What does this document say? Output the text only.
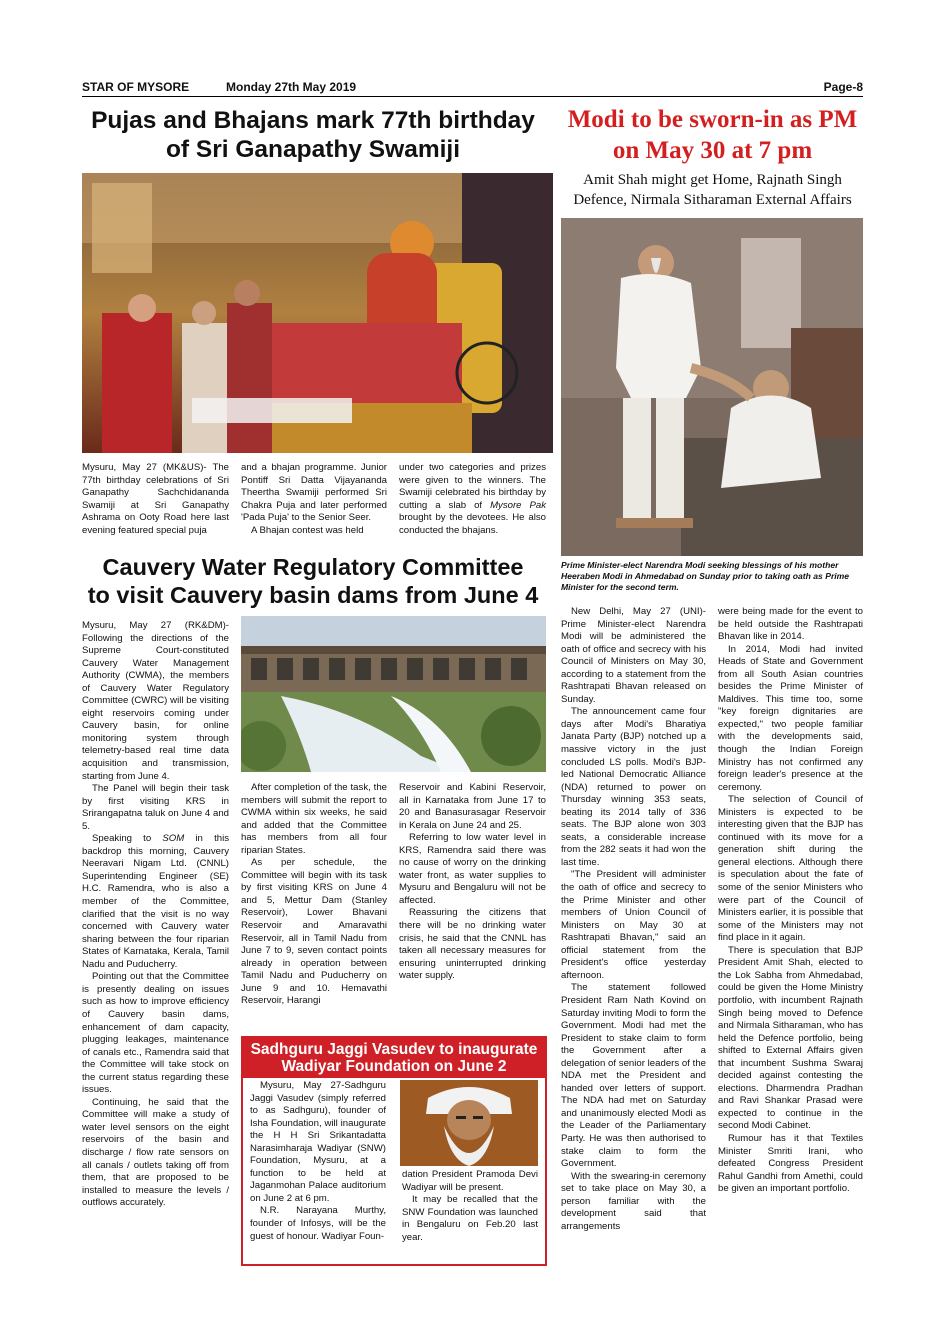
STAR OF MYSORE	Monday 27th May 2019	Page-8
Pujas and Bhajans mark 77th birthday
of Sri Ganapathy Swamiji

Mysuru, May 27 (MK&US)- The 77th birthday celebrations of Sri Ganapathy Sachchidananda Swamiji at Sri Ganapathy Ashrama on Ooty Road here last evening featured special puja

and a bhajan programme. Junior Pontiff Sri Datta Vijayananda Theertha Swamiji performed Sri Chakra Puja and later performed 'Pada Puja' to the Senior Seer.

A Bhajan contest was held

under two categories and prizes were given to the winners. The Swamiji celebrated his birthday by cutting a slab of Mysore Pak brought by the devotees. He also conducted the bhajans.

Cauvery Water Regulatory Committee
to visit Cauvery basin dams from June 4

Mysuru, May 27 (RK&DM)- Following the directions of the Supreme Court-constituted Cauvery Water Management Authority (CWMA), the members of Cauvery Water Regulatory Committee (CWRC) will be visiting eight reservoirs coming under Cauvery basin, for online monitoring system through telemetry-based real time data acquisition and transmission, starting from June 4.

The Panel will begin their task by first visiting KRS in Srirangapatna taluk on June 4 and 5.

Speaking to SOM in this backdrop this morning, Cauvery Neeravari Nigam Ltd. (CNNL) Superintending Engineer (SE) H.C. Ramendra, who is also a member of the Committee, clarified that the visit is no way concerned with Cauvery water sharing between the four riparian States of Karnataka, Kerala, Tamil Nadu and Puducherry.

Pointing out that the Committee is presently dealing on issues such as how to improve efficiency of Cauvery basin dams, enhancement of dam capacity, plugging leakages, maintenance of canals etc., Ramendra said that the Committee will take stock on the current status regarding these issues.

Continuing, he said that the Committee will make a study of water level sensors on the eight reservoirs of the basin and discharge / flow rate sensors on all canals / outlets taking off from them, that are proposed to be installed to measure the levels / outflows accurately.

After completion of the task, the members will submit the report to CWMA within six weeks, he said and added that the Committee has members from all four riparian States.

As per schedule, the Committee will begin with its task by first visiting KRS on June 4 and 5, Mettur Dam (Stanley Reservoir), Lower Bhavani Reservoir and Amaravathi Reservoir, all in Tamil Nadu from June 7 to 9, seven contact points already in operation between Tamil Nadu and Puducherry on June 9 and 10. Hemavathi Reservoir, Harangi

Reservoir and Kabini Reservoir, all in Karnataka from June 17 to 20 and Banasurasagar Reservoir in Kerala on June 24 and 25.

Referring to low water level in KRS, Ramendra said there was no cause of worry on the drinking water front, as water supplies to Mysuru and Bengaluru will not be affected.

Reassuring the citizens that there will be no drinking water crisis, he said that the CNNL has taken all necessary measures for ensuring uninterrupted drinking water supply.

Sadhguru Jaggi Vasudev to inaugurate
Wadiyar Foundation on June 2

Mysuru, May 27-Sadhguru Jaggi Vasudev (simply referred to as Sadhguru), founder of Isha Foundation, will inaugurate the H H Sri Srikantadatta Narasimharaja Wadiyar (SNW) Foundation, Mysuru, at a function to be held at Jaganmohan Palace auditorium on June 2 at 6 pm.

N.R. Narayana Murthy, founder of Infosys, will be the guest of honour. Wadiyar Foun-

dation President Pramoda Devi Wadiyar will be present.

It may be recalled that the SNW Foundation was launched in Bengaluru on Feb.20 last year.

Modi to be sworn-in as PM
on May 30 at 7 pm
Amit Shah might get Home, Rajnath Singh
Defence, Nirmala Sitharaman External Affairs
Prime Minister-elect Narendra Modi seeking blessings of his mother Heeraben Modi in Ahmedabad on Sunday prior to taking oath as Prime Minister for the second term.

New Delhi, May 27 (UNI)- Prime Minister-elect Narendra Modi will be administered the oath of office and secrecy with his Council of Ministers on May 30, according to a statement from the Rashtrapati Bhavan released on Sunday.

The announcement came four days after Modi's Bharatiya Janata Party (BJP) notched up a massive victory in the just concluded LS polls. Modi's BJP-led National Democratic Alliance (NDA) returned to power on Thursday winning 353 seats, beating its 2014 tally of 336 seats. The BJP alone won 303 seats, a considerable increase from the 282 seats it had won the last time.

"The President will administer the oath of office and secrecy to the Prime Minister and other members of Union Council of Ministers on May 30 at Rashtrapati Bhavan," said an official statement from the President's office yesterday afternoon.

The statement followed President Ram Nath Kovind on Saturday inviting Modi to form the Government. Modi had met the President to stake claim to form the Government after a delegation of senior leaders of the NDA met the President and handed over letters of support. The NDA had met on Saturday and unanimously elected Modi as the Leader of the Parliamentary Party. He was then authorised to stake claim to form the Government.

With the swearing-in ceremony set to take place on May 30, a person familiar with the development said that arrangements

were being made for the event to be held outside the Rashtrapati Bhavan like in 2014.

In 2014, Modi had invited Heads of State and Government from all South Asian countries besides the Prime Minister of Maldives. This time too, some "key foreign dignitaries are expected," two people familiar with the developments said, though the Indian Foreign Ministry has not confirmed any foreign leader's presence at the ceremony.

The selection of Council of Ministers is expected to be interesting given that the BJP has continued with its move for a generation shift during the general elections. Although there is speculation about the fate of some of the senior Ministers who were part of the Council of Ministers earlier, it is possible that some of the Ministers may not find place in it again.

There is speculation that BJP President Amit Shah, elected to the Lok Sabha from Ahmedabad, could be given the Home Ministry portfolio, with incumbent Rajnath Singh being moved to Defence and Nirmala Sitharaman, who has held the Defence portfolio, being shifted to External Affairs given that incumbent Sushma Swaraj decided against contesting the elections. Dharmendra Pradhan and Ravi Shankar Prasad were expected to continue in the second Modi Cabinet.

Rumour has it that Textiles Minister Smriti Irani, who defeated Congress President Rahul Gandhi from Amethi, could be given an important portfolio.
